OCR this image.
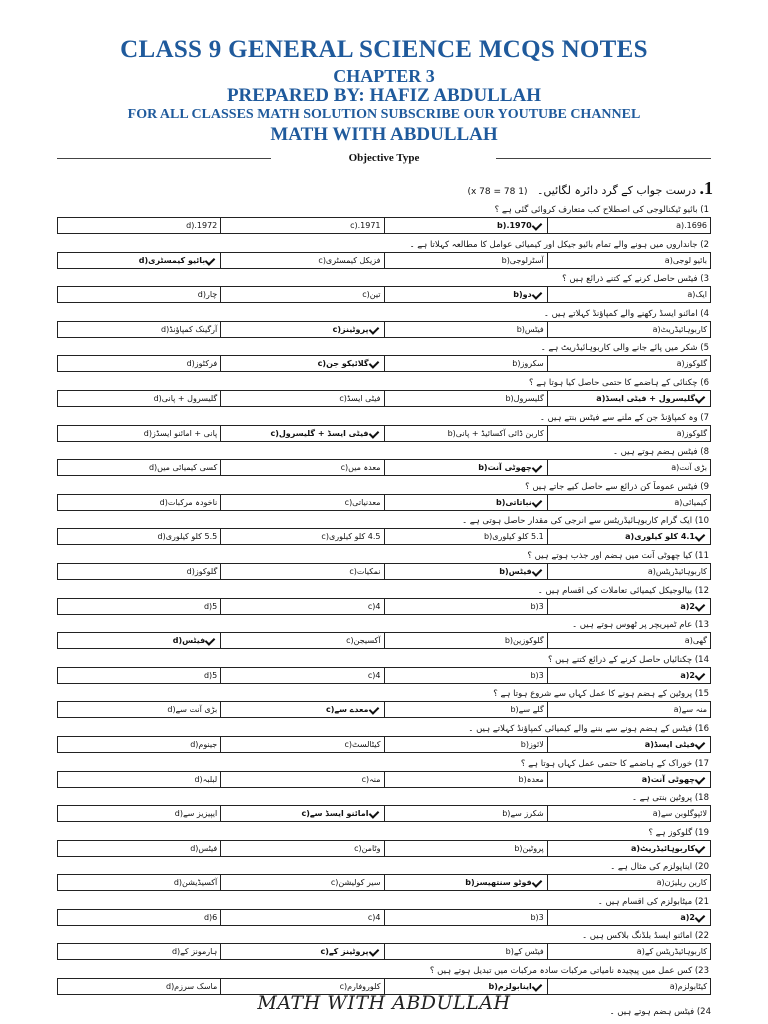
CLASS 9 GENERAL SCIENCE MCQS NOTES
CHAPTER 3
PREPARED BY: HAFIZ ABDULLAH
FOR ALL CLASSES MATH SOLUTION SUBSCRIBE OUR YOUTUBE CHANNEL
MATH WITH ABDULLAH
Objective Type
1. درست جواب کے گرد دائرہ لگائیں۔ (1 x 78 = 78)
1) بائیو ٹیکنالوجی کی اصطلاح کب متعارف کروائی گئی ہے ؟
1696.(a
1970.(b
1971.(c
1972.(d
2) جانداروں میں ہونے والے تمام بائیو جیکل اور کیمیائی عوامل کا مطالعہ کہلاتا ہے ۔
بائیو لوجی(a
آسٹرلوجی(b
فزیکل کیمسٹری(c
بائیو کیمسٹری(d
3) فیٹس حاصل کرنے کے کتنے ذرائع ہیں ؟
ایک(a
دو(b
تین(c
چار(d
4) امائنو ایسڈ رکھنے والے کمپاؤنڈ کہلاتے ہیں ۔
کاربوہائیڈریٹ(a
فیٹس(b
پروٹینز(c
آرگینک کمپاؤنڈ(d
5) شکر میں پائے جانے والی کاربوہائیڈریٹ ہے ۔
گلوکوز(a
سکروز(b
گلائیکو جن(c
فرکٹوز(d
6) چکنائی کے ہاضمے کا حتمی حاصل کیا ہوتا ہے ؟
گلیسرول + فیٹی ایسڈ(a
گلیسرول(b
فیٹی ایسڈ(c
گلیسرول + پانی(d
7) وہ کمپاؤنڈ جن کے ملنے سے فیٹس بنتے ہیں ۔
گلوکوز(a
کاربن ڈائی آکسائیڈ + پانی(b
فیٹی ایسڈ + گلیسرول(c
پانی + امائنو ایسڈز(d
8) فیٹس ہضم ہوتے ہیں ۔
بڑی آنت(a
چھوٹی آنت(b
معدہ میں(c
کسی کیمیائی میں(d
9) فیٹس عموماً کن ذرائع سے حاصل کیے جاتے ہیں ؟
کیمیائی(a
نباتاتی(b
معدنیاتی(c
ناخودہ مرکبات(d
10) ایک گرام کاربوہائیڈریٹس سے انرجی کی مقدار حاصل ہوتی ہے ۔
4.1 کلو کیلوری(a
5.1 کلو کیلوری(b
4.5 کلو کیلوری(c
5.5 کلو کیلوری(d
11) کیا چھوٹی آنت میں ہضم اور جذب ہوتے ہیں ؟
کاربوہائیڈریٹس(a
فیٹس(b
نمکیات(c
گلوکوز(d
12) بیالوجیکل کیمیائی تعاملات کی اقسام ہیں ۔
2(a
3(b
4(c
5(d
13) عام ٹمپریچر پر ٹھوس ہوتے ہیں ۔
گھی(a
گلوکوزین(b
آکسیجن(c
فیٹس(d
14) چکنائیاں حاصل کرنے کے ذرائع کتنے ہیں ؟
2(a
3(b
4(c
5(d
15) پروٹین کے ہضم ہونے کا عمل کہاں سے شروع ہوتا ہے ؟
منہ سے(a
گلے سے(b
معدے سے(c
بڑی آنت سے(d
16) فیٹس کے ہضم ہونے سے بننے والے کیمیائی کمپاؤنڈ کہلاتے ہیں ۔
فیٹی ایسڈ(a
لائوز(b
کیٹالسٹ(c
جینوم(d
17) خوراک کے ہاضمے کا حتمی عمل کہاں ہوتا ہے ؟
چھوٹی آنت(a
معدہ(b
منہ(c
لبلبہ(d
18) پروٹین بنتی ہے ۔
لائپوگلوبن سے(a
شکرز سے(b
امائنو ایسڈ سے(c
ایپیزیز سے(d
19) گلوکوز ہے ؟
کاربوہائیڈریٹ(a
پروٹین(b
وٹامن(c
فیٹس(d
20) ایناپولزم کی مثال ہے ۔
کاربن ریلیژن(a
فوٹو سنتھیسز(b
سیر کولیشن(c
آکسیڈیشن(d
21) میٹابولزم کی اقسام ہیں ۔
2(a
3(b
4(c
6(d
22) امائنو ایسڈ بلڈنگ بلاکس ہیں ۔
کاربوہائیڈریٹس کے(a
فیٹس کے(b
پروٹینز کے(c
ہارمونز کے(d
23) کس عمل میں پیچیدہ نامیاتی مرکبات سادہ مرکبات میں تبدیل ہوتے ہیں ؟
کیٹابولزم(a
اینابولزم(b
کلوروفارم(c
ماسک سرزم(d
24) فیٹس ہضم ہوتے ہیں ۔
MATH WITH ABDULLAH
